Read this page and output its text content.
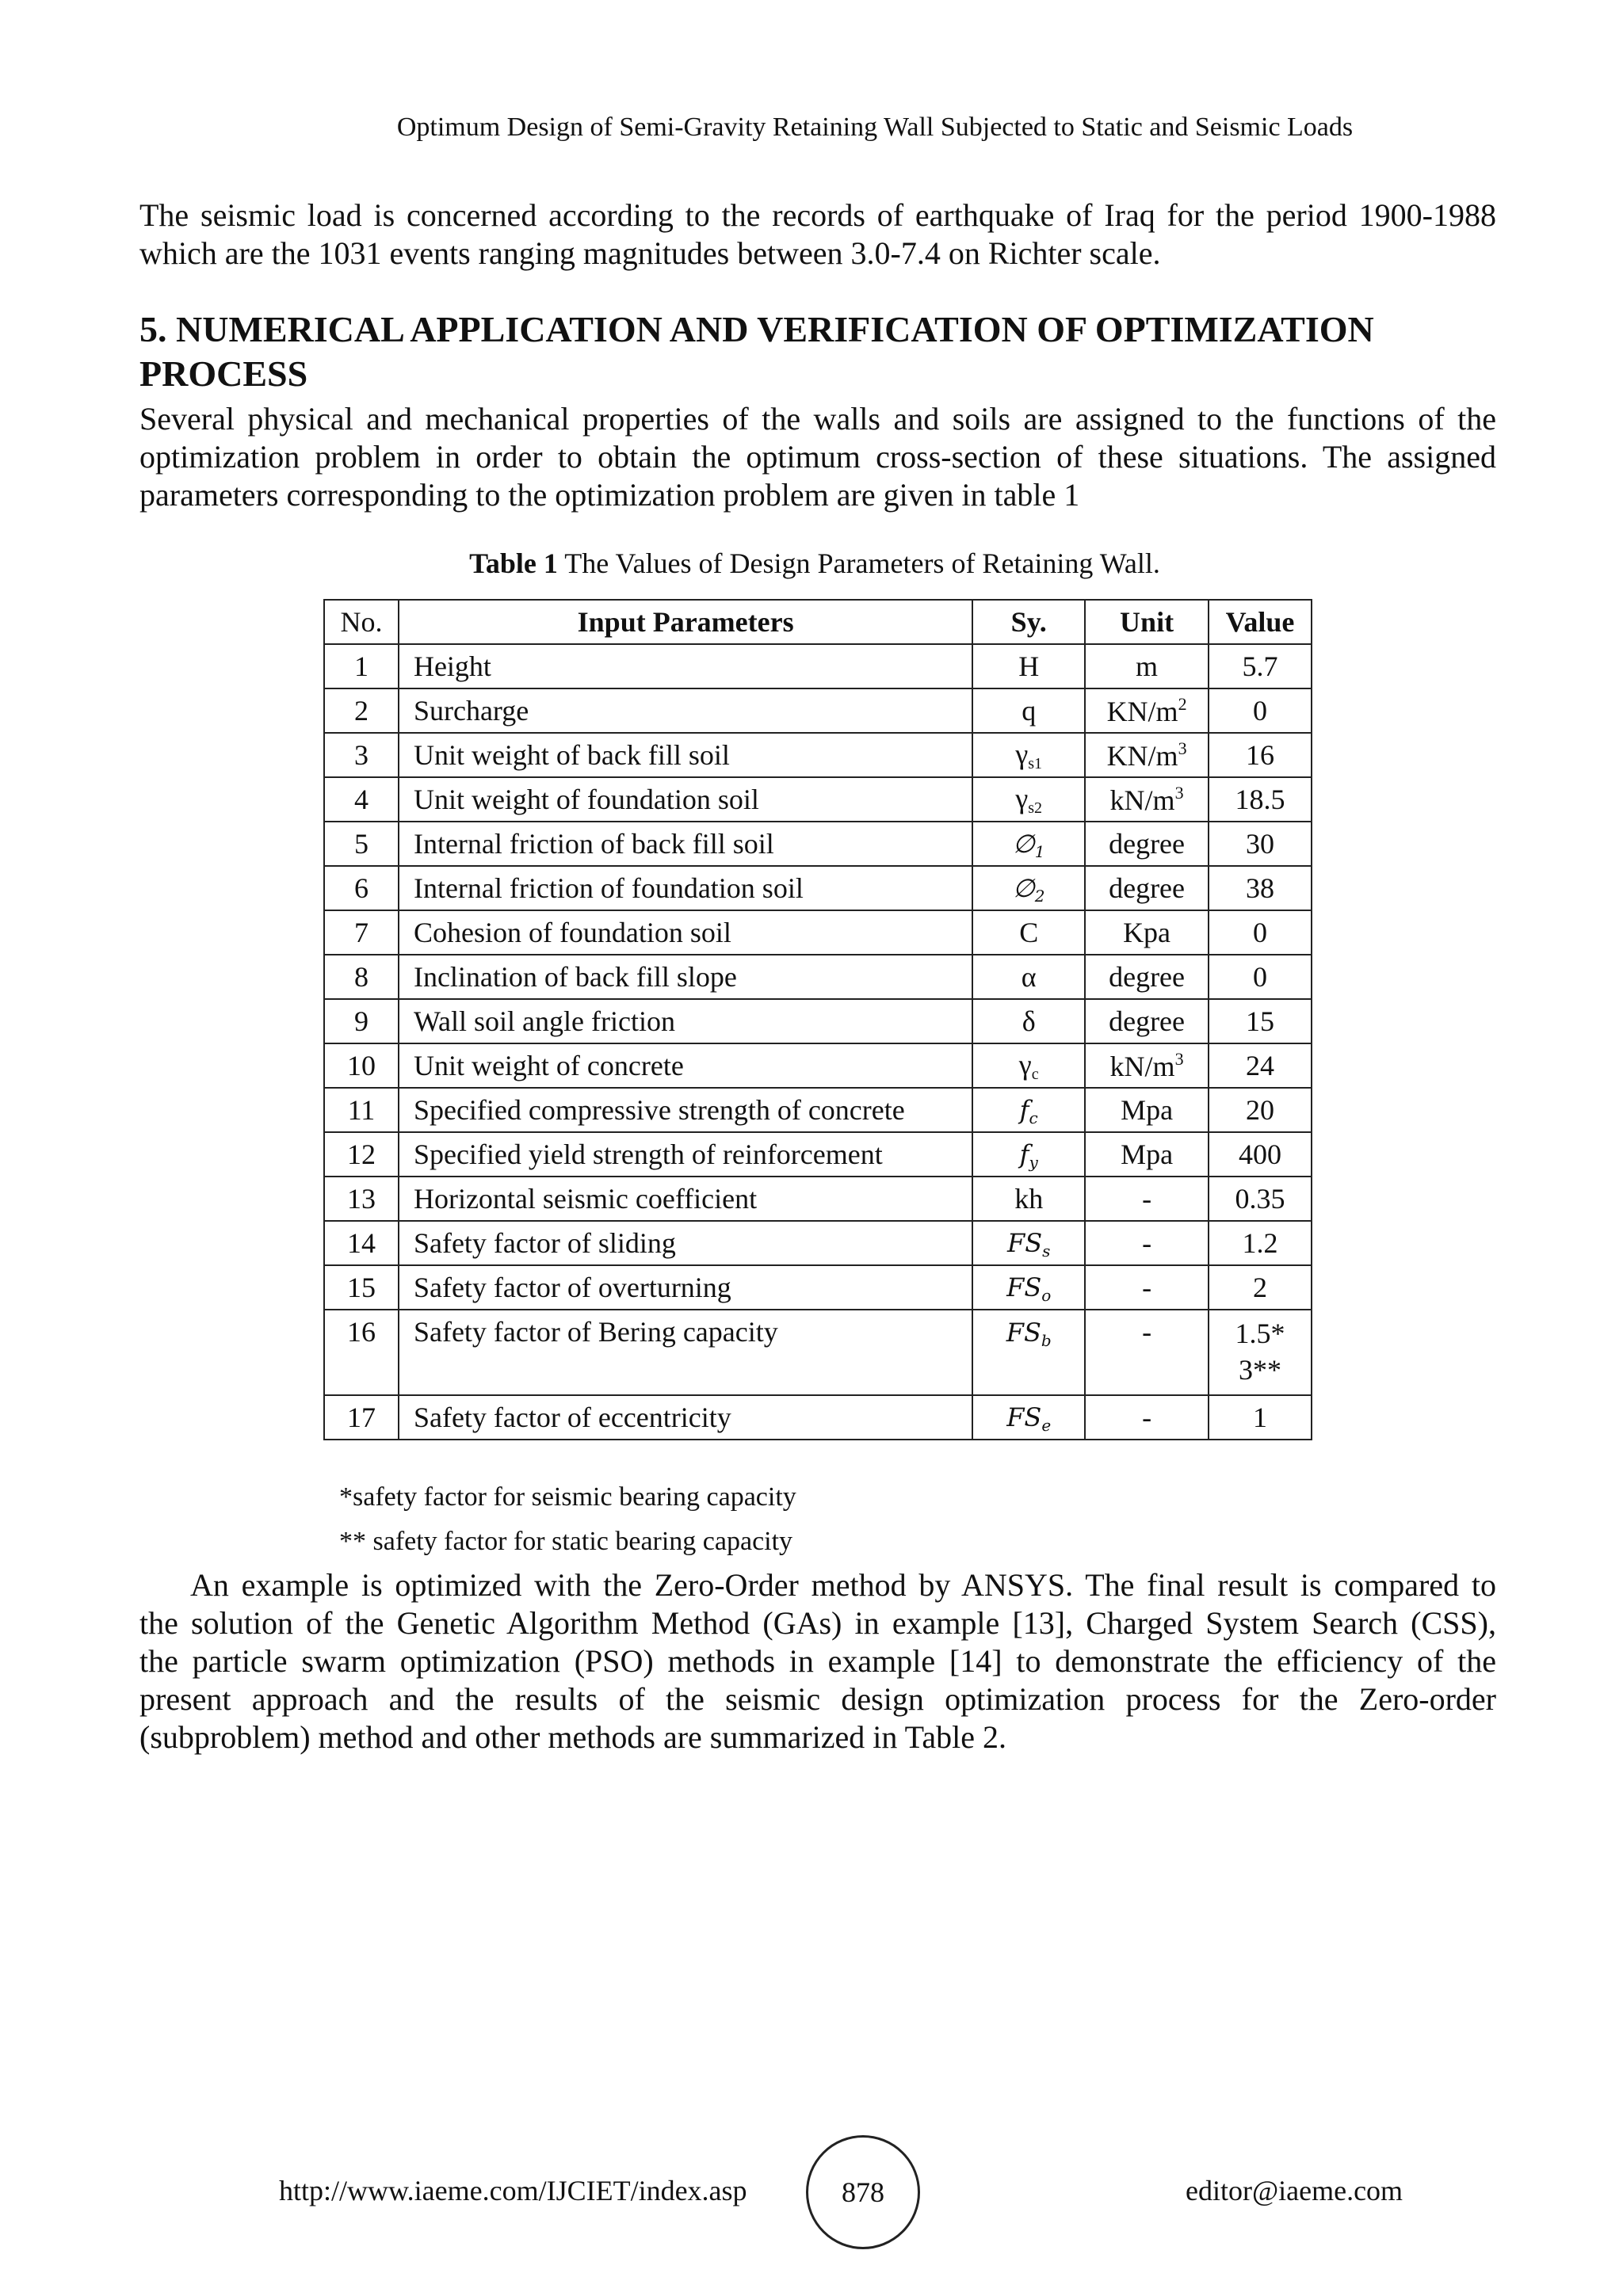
Optimum Design of Semi-Gravity Retaining Wall Subjected to Static and Seismic Loads
The seismic load is concerned according to the records of earthquake of Iraq for the period 1900-1988
which are the 1031 events ranging magnitudes between 3.0-7.4 on Richter scale.
5. NUMERICAL APPLICATION AND VERIFICATION OF OPTIMIZATION
PROCESS
Several physical and mechanical properties of the walls and soils are assigned to the functions of the
optimization problem in order to obtain the optimum cross-section of these situations. The assigned
parameters corresponding to the optimization problem are given in table 1
Table 1 The Values of Design Parameters of Retaining Wall.
No.	Input Parameters	Sy.	Unit	Value
1	Height	H	m	5.7
2	Surcharge	q	$KN/m^2$	0
3	Unit weight of back fill soil	$\gamma_{s1}$	$KN/m^3$	16
4	Unit weight of foundation soil	$\gamma_{s2}$	$kN/m^3$	18.5
5	Internal friction of back fill soil	$\emptyset_1$	degree	30
6	Internal friction of foundation soil	$\emptyset_2$	degree	38
7	Cohesion of foundation soil	C	Kpa	0
8	Inclination of back fill slope	α	degree	0
9	Wall soil angle friction	δ	degree	15
10	Unit weight of concrete	$\gamma_c$	$kN/m^3$	24
11	Specified compressive strength of concrete	$f_c$	Mpa	20
12	Specified yield strength of reinforcement	$f_y$	Mpa	400
13	Horizontal seismic coefficient	kh	-	0.35
14	Safety factor of sliding	$FS_s$	-	1.2
15	Safety factor of overturning	$FS_o$	-	2
16	Safety factor of Bering capacity	$FS_b$	-	1.5*
3**

17	Safety factor of eccentricity	$FS_e$	-	1
*safety factor for seismic bearing capacity
** safety factor for static bearing capacity
An example is optimized with the Zero-Order method by ANSYS. The final result is compared to
the solution of the Genetic Algorithm Method (GAs) in example [13], Charged System Search (CSS),
the particle swarm optimization (PSO) methods in example [14] to demonstrate the efficiency of the
present approach and the results of the seismic design optimization process for the Zero-order
(subproblem) method and other methods are summarized in Table 2.
http://www.iaeme.com/IJCIET/index.asp	878	editor@iaeme.com
